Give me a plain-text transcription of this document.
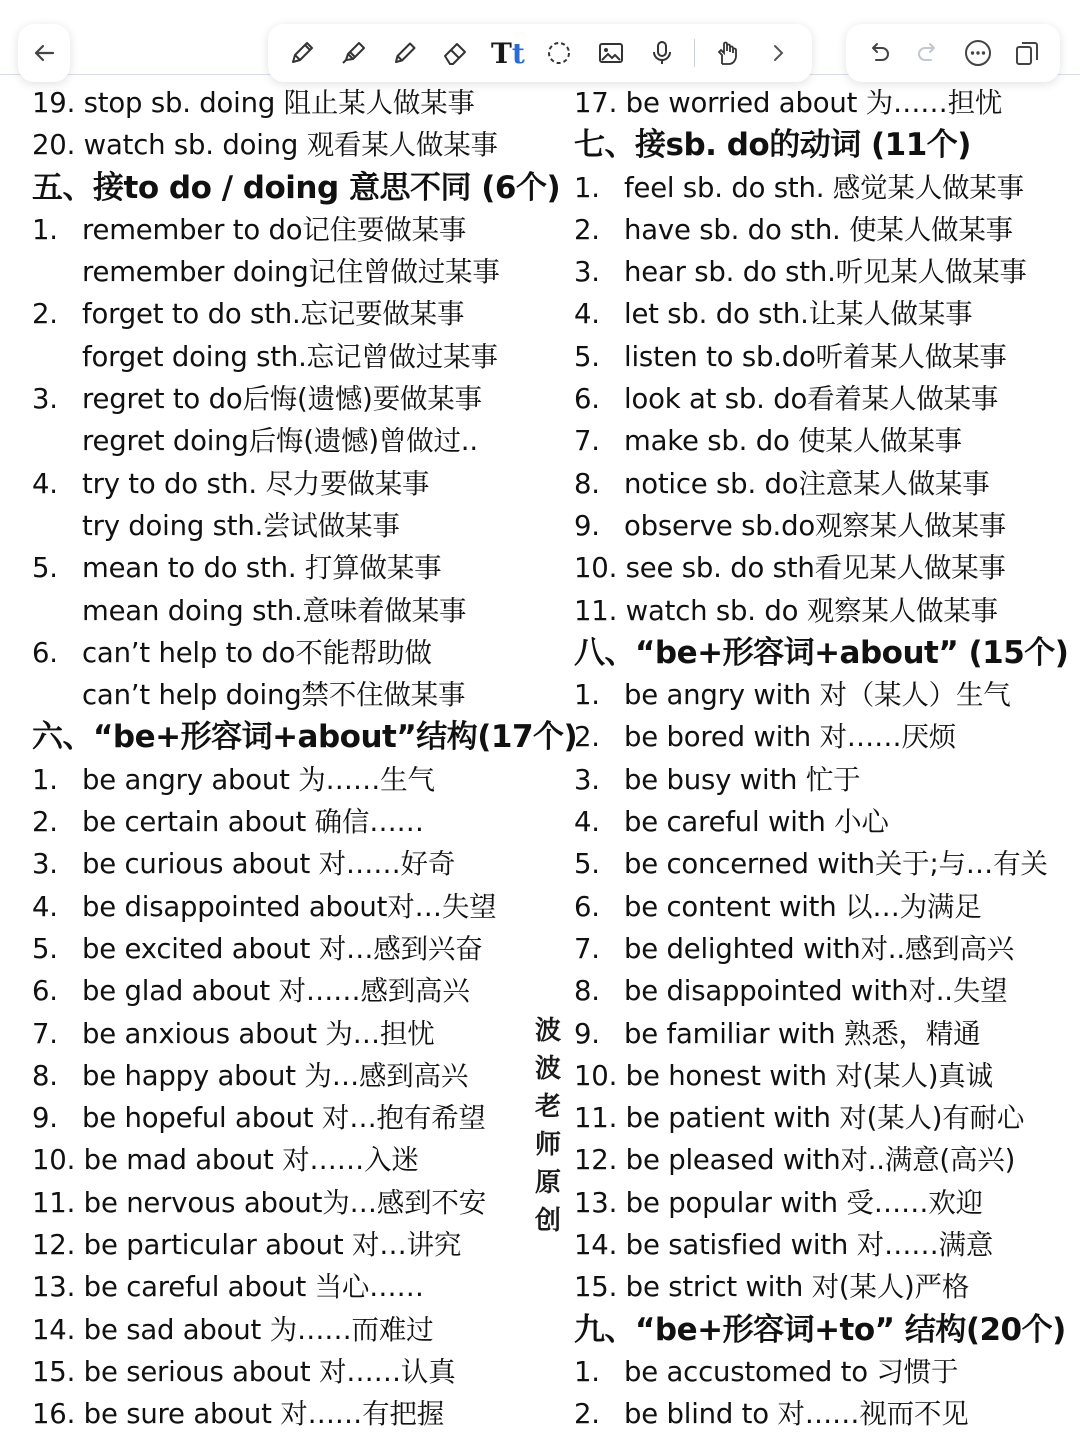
T t
19. stop sb. doing 阻止某人做某事
20. watch sb. doing 观看某人做某事
五、接to do / doing 意思不同 (6个)
1. remember to do记住要做某事
remember doing记住曾做过某事
2. forget to do sth.忘记要做某事
forget doing sth.忘记曾做过某事
3. regret to do后悔(遗憾)要做某事
regret doing后悔(遗憾)曾做过..
4. try to do sth. 尽力要做某事
try doing sth.尝试做某事
5. mean to do sth. 打算做某事
mean doing sth.意味着做某事
6. can’t help to do不能帮助做
can’t help doing禁不住做某事
六、“be+形容词+about”结构(17个)
1. be angry about 为……生气
2. be certain about 确信……
3. be curious about 对……好奇
4. be disappointed about对…失望
5. be excited about 对…感到兴奋
6. be glad about 对……感到高兴
7. be anxious about 为…担忧
8. be happy about 为…感到高兴
9. be hopeful about 对…抱有希望
10. be mad about 对……入迷
11. be nervous about为…感到不安
12. be particular about 对…讲究
13. be careful about 当心……
14. be sad about 为……而难过
15. be serious about 对……认真
16. be sure about 对……有把握
17. be worried about 为……担忧
七、接sb. do的动词 (11个)
1. feel sb. do sth. 感觉某人做某事
2. have sb. do sth. 使某人做某事
3. hear sb. do sth.听见某人做某事
4. let sb. do sth.让某人做某事
5. listen to sb.do听着某人做某事
6. look at sb. do看着某人做某事
7. make sb. do 使某人做某事
8. notice sb. do注意某人做某事
9. observe sb.do观察某人做某事
10. see sb. do sth看见某人做某事
11. watch sb. do 观察某人做某事
八、“be+形容词+about” (15个)
1. be angry with 对（某人）生气
2. be bored with 对……厌烦
3. be busy with 忙于
4. be careful with 小心
5. be concerned with关于;与…有关
6. be content with 以…为满足
7. be delighted with对..感到高兴
8. be disappointed with对..失望
9. be familiar with 熟悉，精通
10. be honest with 对(某人)真诚
11. be patient with 对(某人)有耐心
12. be pleased with对..满意(高兴)
13. be popular with 受……欢迎
14. be satisfied with 对……满意
15. be strict with 对(某人)严格
九、“be+形容词+to” 结构(20个)
1. be accustomed to 习惯于
2. be blind to 对……视而不见
波
波
老
师
原
创
